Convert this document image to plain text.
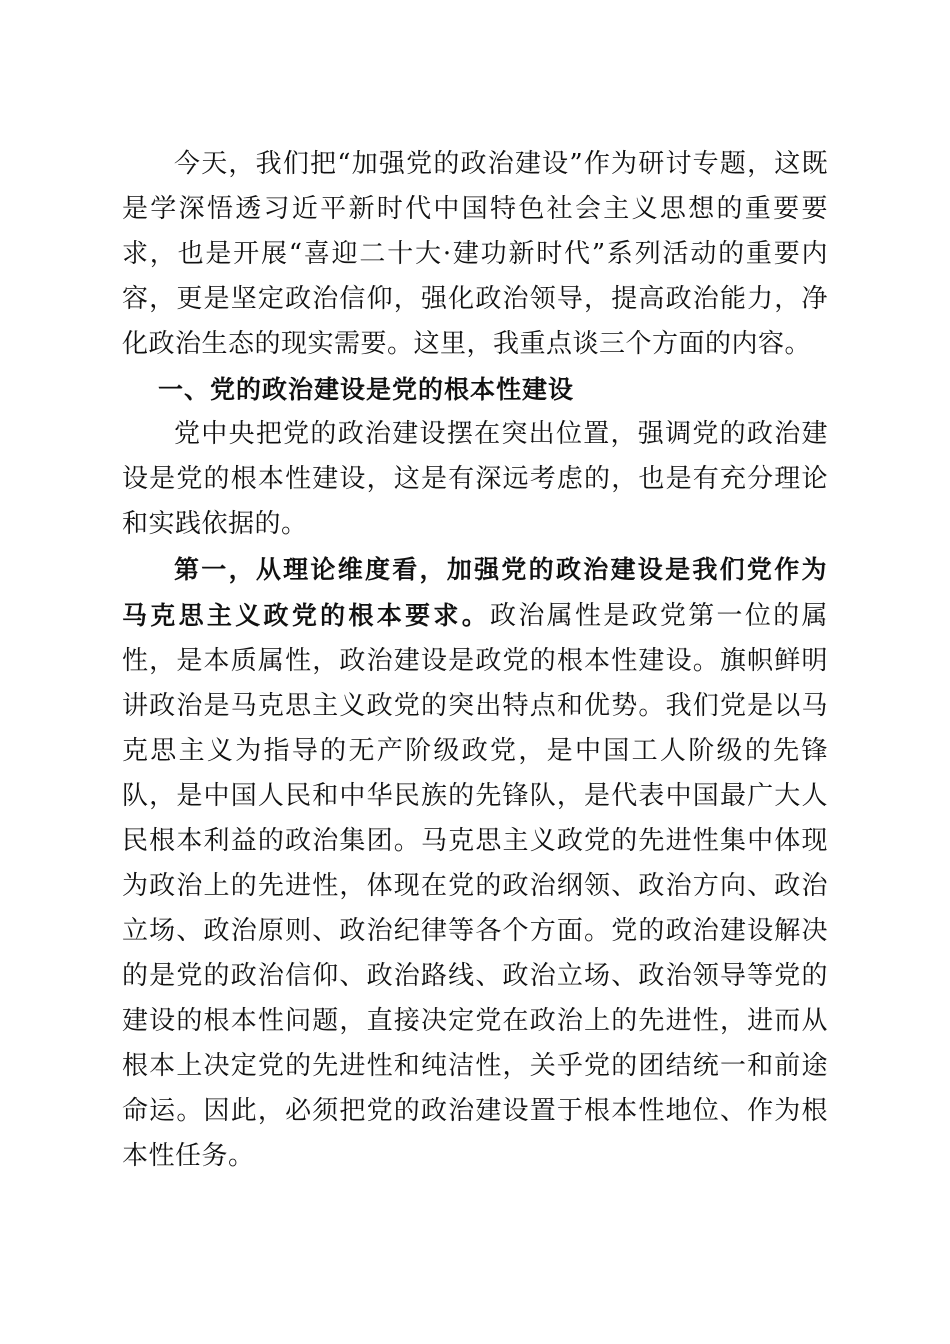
今天，我们把“加强党的政治建设”作为研讨专题，这既是学深悟透习近平新时代中国特色社会主义思想的重要要求，也是开展“喜迎二十大·建功新时代”系列活动的重要内容，更是坚定政治信仰，强化政治领导，提高政治能力，净化政治生态的现实需要。这里，我重点谈三个方面的内容。

一、党的政治建设是党的根本性建设

党中央把党的政治建设摆在突出位置，强调党的政治建设是党的根本性建设，这是有深远考虑的，也是有充分理论和实践依据的。

第一，从理论维度看，加强党的政治建设是我们党作为马克思主义政党的根本要求。政治属性是政党第一位的属性，是本质属性，政治建设是政党的根本性建设。旗帜鲜明讲政治是马克思主义政党的突出特点和优势。我们党是以马克思主义为指导的无产阶级政党，是中国工人阶级的先锋队，是中国人民和中华民族的先锋队，是代表中国最广大人民根本利益的政治集团。马克思主义政党的先进性集中体现为政治上的先进性，体现在党的政治纲领、政治方向、政治立场、政治原则、政治纪律等各个方面。党的政治建设解决的是党的政治信仰、政治路线、政治立场、政治领导等党的建设的根本性问题，直接决定党在政治上的先进性，进而从根本上决定党的先进性和纯洁性，关乎党的团结统一和前途命运。因此，必须把党的政治建设置于根本性地位、作为根本性任务。
